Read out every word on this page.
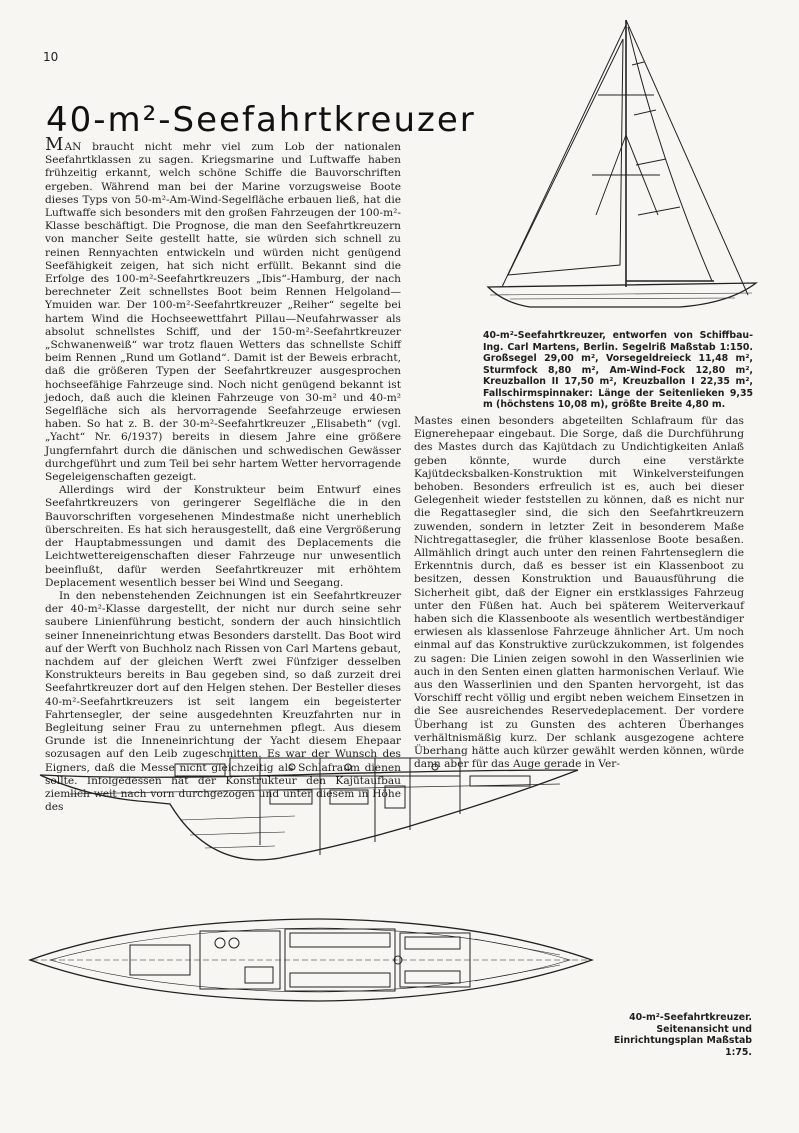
10
40-m²-Seefahrtkreuzer

MAN braucht nicht mehr viel zum Lob der nationalen Seefahrtklassen zu sagen. Kriegsmarine und Luftwaffe haben frühzeitig erkannt, welch schöne Schiffe die Bauvorschriften ergeben. Während man bei der Marine vorzugsweise Boote dieses Typs von 50-m²-Am-Wind-Segelfläche erbauen ließ, hat die Luftwaffe sich besonders mit den großen Fahrzeugen der 100-m²-Klasse beschäftigt. Die Prognose, die man den Seefahrtkreuzern von mancher Seite gestellt hatte, sie würden sich schnell zu reinen Rennyachten entwickeln und würden nicht genügend Seefähigkeit zeigen, hat sich nicht erfüllt. Bekannt sind die Erfolge des 100-m²-Seefahrtkreuzers „Ibis“-Hamburg, der nach berechneter Zeit schnellstes Boot beim Rennen Helgoland—Ymuiden war. Der 100-m²-Seefahrtkreuzer „Reiher“ segelte bei hartem Wind die Hochseewettfahrt Pillau—Neufahrwasser als absolut schnellstes Schiff, und der 150-m²-Seefahrtkreuzer „Schwanenweiß“ war trotz flauen Wetters das schnellste Schiff beim Rennen „Rund um Gotland“. Damit ist der Beweis erbracht, daß die größeren Typen der Seefahrtkreuzer ausgesprochen hochseefähige Fahrzeuge sind. Noch nicht genügend bekannt ist jedoch, daß auch die kleinen Fahrzeuge von 30-m² und 40-m² Segelfläche sich als hervorragende Seefahrzeuge erwiesen haben. So hat z. B. der 30-m²-Seefahrtkreuzer „Elisabeth“ (vgl. „Yacht“ Nr. 6/1937) bereits in diesem Jahre eine größere Jungfernfahrt durch die dänischen und schwedischen Gewässer durchgeführt und zum Teil bei sehr hartem Wetter hervorragende Segeleigenschaften gezeigt.

Allerdings wird der Konstrukteur beim Entwurf eines Seefahrtkreuzers von geringerer Segelfläche die in den Bauvorschriften vorgesehenen Mindestmaße nicht unerheblich überschreiten. Es hat sich herausgestellt, daß eine Vergrößerung der Hauptabmessungen und damit des Deplacements die Leichtwettereigenschaften dieser Fahrzeuge nur unwesentlich beeinflußt, dafür werden Seefahrtkreuzer mit erhöhtem Deplacement wesentlich besser bei Wind und Seegang.

In den nebenstehenden Zeichnungen ist ein Seefahrtkreuzer der 40-m²-Klasse dargestellt, der nicht nur durch seine sehr saubere Linienführung besticht, sondern der auch hinsichtlich seiner Inneneinrichtung etwas Besonders darstellt. Das Boot wird auf der Werft von Buchholz nach Rissen von Carl Martens gebaut, nachdem auf der gleichen Werft zwei Fünfziger desselben Konstrukteurs bereits in Bau gegeben sind, so daß zurzeit drei Seefahrtkreuzer dort auf den Helgen stehen. Der Besteller dieses 40-m²-Seefahrtkreuzers ist seit langem ein begeisterter Fahrtensegler, der seine ausgedehnten Kreuzfahrten nur in Begleitung seiner Frau zu unternehmen pflegt. Aus diesem Grunde ist die Inneneinrichtung der Yacht diesem Ehepaar sozusagen auf den Leib zugeschnitten. Es war der Wunsch des Eigners, daß die Messe nicht gleichzeitig als Schlafraum dienen sollte. Infolgedessen hat der Konstrukteur den Kajütaufbau ziemlich weit nach vorn durchgezogen und unter diesem in Höhe des

Mastes einen besonders abgeteilten Schlafraum für das Eignerehepaar eingebaut. Die Sorge, daß die Durchführung des Mastes durch das Kajütdach zu Undichtigkeiten Anlaß geben könnte, wurde durch eine verstärkte Kajütdecksbalken-Konstruktion mit Winkelversteifungen behoben. Besonders erfreulich ist es, auch bei dieser Gelegenheit wieder feststellen zu können, daß es nicht nur die Regattasegler sind, die sich den Seefahrtkreuzern zuwenden, sondern in letzter Zeit in besonderem Maße Nichtregattasegler, die früher klassenlose Boote besaßen. Allmählich dringt auch unter den reinen Fahrtenseglern die Erkenntnis durch, daß es besser ist ein Klassenboot zu besitzen, dessen Konstruktion und Bauausführung die Sicherheit gibt, daß der Eigner ein erstklassiges Fahrzeug unter den Füßen hat. Auch bei späterem Weiterverkauf haben sich die Klassenboote als wesentlich wertbeständiger erwiesen als klassenlose Fahrzeuge ähnlicher Art. Um noch einmal auf das Konstruktive zurückzukommen, ist folgendes zu sagen: Die Linien zeigen sowohl in den Wasserlinien wie auch in den Senten einen glatten harmonischen Verlauf. Wie aus den Wasserlinien und den Spanten hervorgeht, ist das Vorschiff recht völlig und ergibt neben weichem Einsetzen in die See ausreichendes Reservedeplacement. Der vordere Überhang ist zu Gunsten des achteren Überhanges verhältnismäßig kurz. Der schlank ausgezogene achtere Überhang hätte auch kürzer gewählt werden können, würde dann aber für das Auge gerade in Ver-

40-m²-Seefahrtkreuzer, entworfen von Schiffbau-Ing. Carl Martens, Berlin. Segelriß Maßstab 1:150. Großsegel 29,00 m², Vorsegeldreieck 11,48 m², Sturmfock 8,80 m², Am-Wind-Fock 12,80 m², Kreuzballon II 17,50 m², Kreuzballon I 22,35 m², Fallschirmspinnaker: Länge der Seitenlieken 9,35 m (höchstens 10,08 m), größte Breite 4,80 m.

40-m²-Seefahrtkreuzer. Seitenansicht und Einrichtungsplan Maßstab 1:75.
